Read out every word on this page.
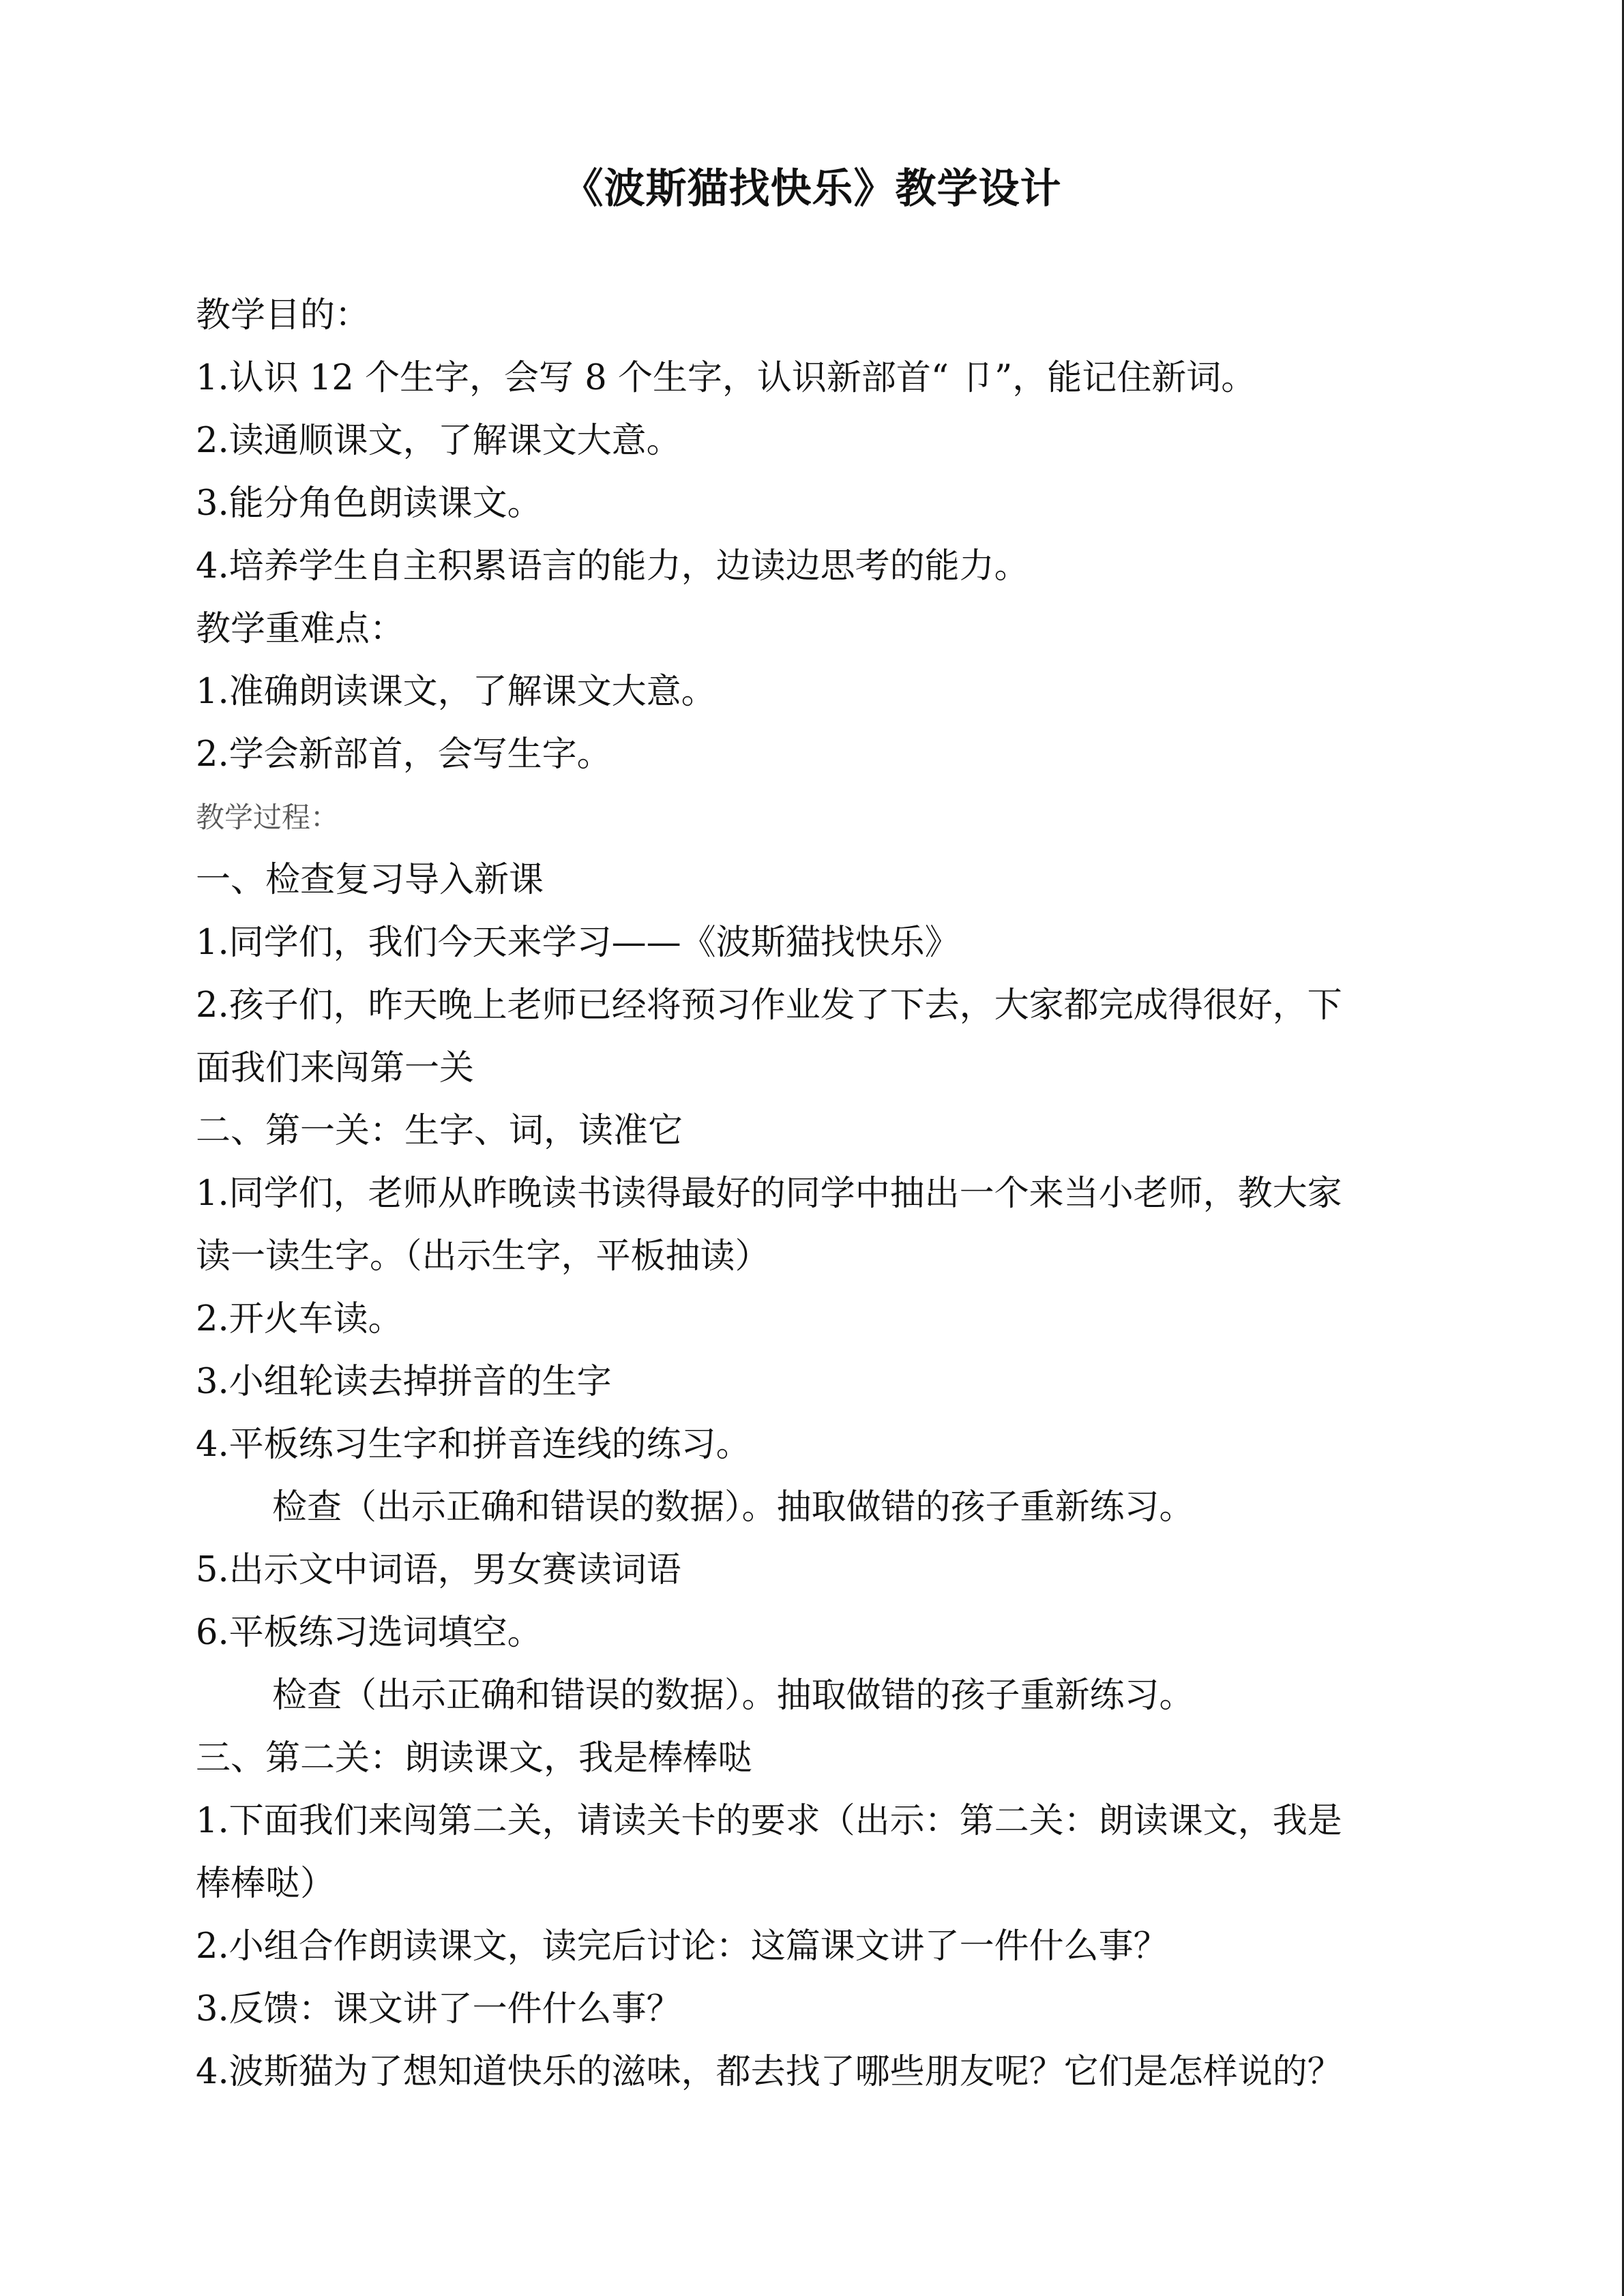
《波斯猫找快乐》教学设计
教学目的：
1.认识 12 个生字，会写 8 个生字，认识新部首“ 卩”，能记住新词。
2.读通顺课文，了解课文大意。
3.能分角色朗读课文。
4.培养学生自主积累语言的能力，边读边思考的能力。
教学重难点：
1.准确朗读课文，了解课文大意。
2.学会新部首，会写生字。
教学过程：
一、检查复习导入新课
1.同学们，我们今天来学习——《波斯猫找快乐》
2.孩子们，昨天晚上老师已经将预习作业发了下去，大家都完成得很好，下
面我们来闯第一关
二、第一关：生字、词，读准它
1.同学们，老师从昨晚读书读得最好的同学中抽出一个来当小老师，教大家
读一读生字。（出示生字，平板抽读）
2.开火车读。
3.小组轮读去掉拼音的生字
4.平板练习生字和拼音连线的练习。
检查（出示正确和错误的数据）。抽取做错的孩子重新练习。
5.出示文中词语，男女赛读词语
6.平板练习选词填空。
检查（出示正确和错误的数据）。抽取做错的孩子重新练习。
三、第二关：朗读课文，我是棒棒哒
1.下面我们来闯第二关，请读关卡的要求（出示：第二关：朗读课文，我是
棒棒哒）
2.小组合作朗读课文，读完后讨论：这篇课文讲了一件什么事？
3.反馈：课文讲了一件什么事？
4.波斯猫为了想知道快乐的滋味，都去找了哪些朋友呢？它们是怎样说的？
